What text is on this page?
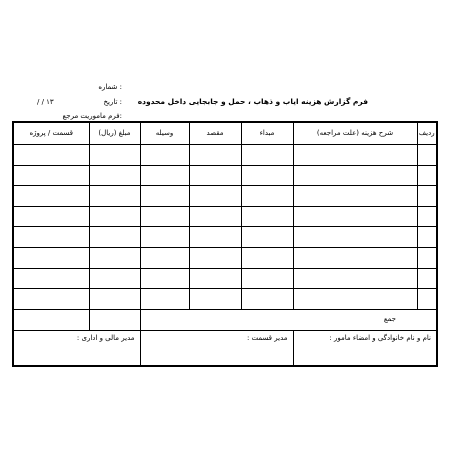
شماره :
تاریخ :
/ / ۱۳
فرم ماموریت مرجع:
فرم گزارش هزینه ایاب و ذهاب ، حمل و جابجایی داخل محدوده
ردیف	شرح هزینه (علت مراجعه)	مبداء	مقصد	وسیله	مبلغ (ریال)	قسمت / پروژه

جمع						
نام و نام خانوادگی و امضاء مامور :		مدیر قسمت :			مدیر مالی و اداری :	
